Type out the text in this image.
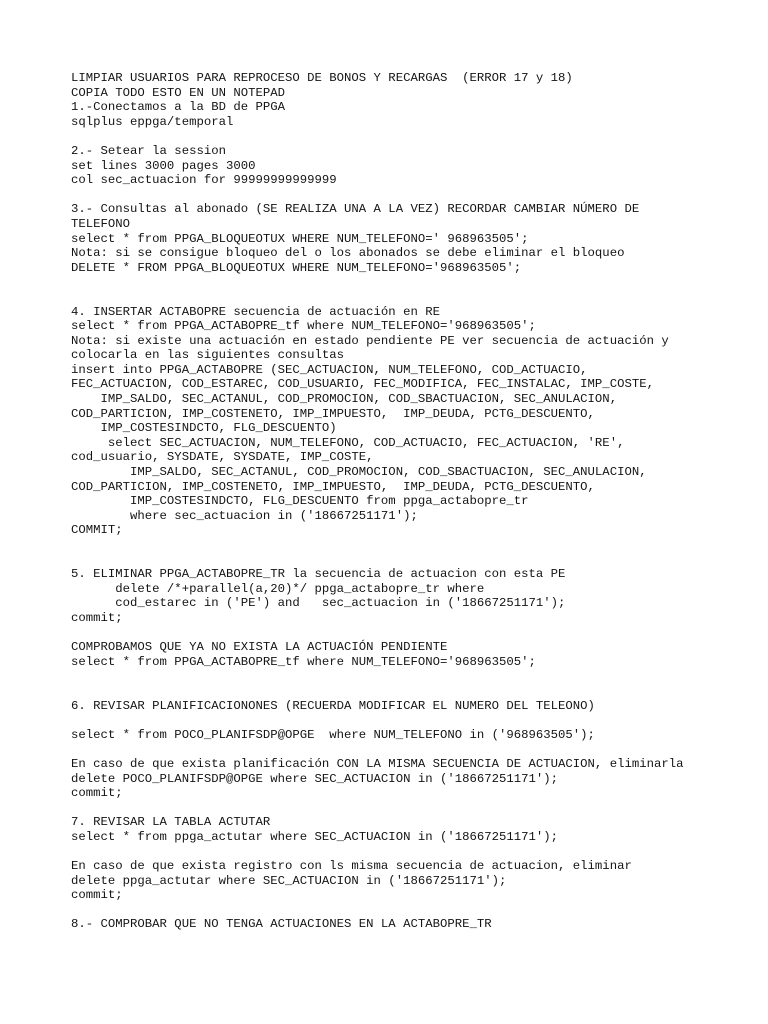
LIMPIAR USUARIOS PARA REPROCESO DE BONOS Y RECARGAS  (ERROR 17 y 18)
COPIA TODO ESTO EN UN NOTEPAD
1.-Conectamos a la BD de PPGA
sqlplus eppga/temporal
2.- Setear la session
set lines 3000 pages 3000
col sec_actuacion for 99999999999999
3.- Consultas al abonado (SE REALIZA UNA A LA VEZ) RECORDAR CAMBIAR NÚMERO DE
TELEFONO
select * from PPGA_BLOQUEOTUX WHERE NUM_TELEFONO=' 968963505';
Nota: si se consigue bloqueo del o los abonados se debe eliminar el bloqueo
DELETE * FROM PPGA_BLOQUEOTUX WHERE NUM_TELEFONO='968963505';
4. INSERTAR ACTABOPRE secuencia de actuación en RE
select * from PPGA_ACTABOPRE_tf where NUM_TELEFONO='968963505';
Nota: si existe una actuación en estado pendiente PE ver secuencia de actuación y
colocarla en las siguientes consultas
insert into PPGA_ACTABOPRE (SEC_ACTUACION, NUM_TELEFONO, COD_ACTUACIO,
FEC_ACTUACION, COD_ESTAREC, COD_USUARIO, FEC_MODIFICA, FEC_INSTALAC, IMP_COSTE,
IMP_SALDO, SEC_ACTANUL, COD_PROMOCION, COD_SBACTUACION, SEC_ANULACION,
COD_PARTICION, IMP_COSTENETO, IMP_IMPUESTO,  IMP_DEUDA, PCTG_DESCUENTO,
IMP_COSTESINDCTO, FLG_DESCUENTO)
select SEC_ACTUACION, NUM_TELEFONO, COD_ACTUACIO, FEC_ACTUACION, 'RE',
cod_usuario, SYSDATE, SYSDATE, IMP_COSTE,
IMP_SALDO, SEC_ACTANUL, COD_PROMOCION, COD_SBACTUACION, SEC_ANULACION,
COD_PARTICION, IMP_COSTENETO, IMP_IMPUESTO,  IMP_DEUDA, PCTG_DESCUENTO,
IMP_COSTESINDCTO, FLG_DESCUENTO from ppga_actabopre_tr
where sec_actuacion in ('18667251171');
COMMIT;
5. ELIMINAR PPGA_ACTABOPRE_TR la secuencia de actuacion con esta PE
delete /*+parallel(a,20)*/ ppga_actabopre_tr where
cod_estarec in ('PE') and   sec_actuacion in ('18667251171');
commit;
COMPROBAMOS QUE YA NO EXISTA LA ACTUACIÓN PENDIENTE
select * from PPGA_ACTABOPRE_tf where NUM_TELEFONO='968963505';
6. REVISAR PLANIFICACIONONES (RECUERDA MODIFICAR EL NUMERO DEL TELEONO)
select * from POCO_PLANIFSDP@OPGE  where NUM_TELEFONO in ('968963505');
En caso de que exista planificación CON LA MISMA SECUENCIA DE ACTUACION, eliminarla
delete POCO_PLANIFSDP@OPGE where SEC_ACTUACION in ('18667251171');
commit;
7. REVISAR LA TABLA ACTUTAR
select * from ppga_actutar where SEC_ACTUACION in ('18667251171');
En caso de que exista registro con ls misma secuencia de actuacion, eliminar
delete ppga_actutar where SEC_ACTUACION in ('18667251171');
commit;
8.- COMPROBAR QUE NO TENGA ACTUACIONES EN LA ACTABOPRE_TR
